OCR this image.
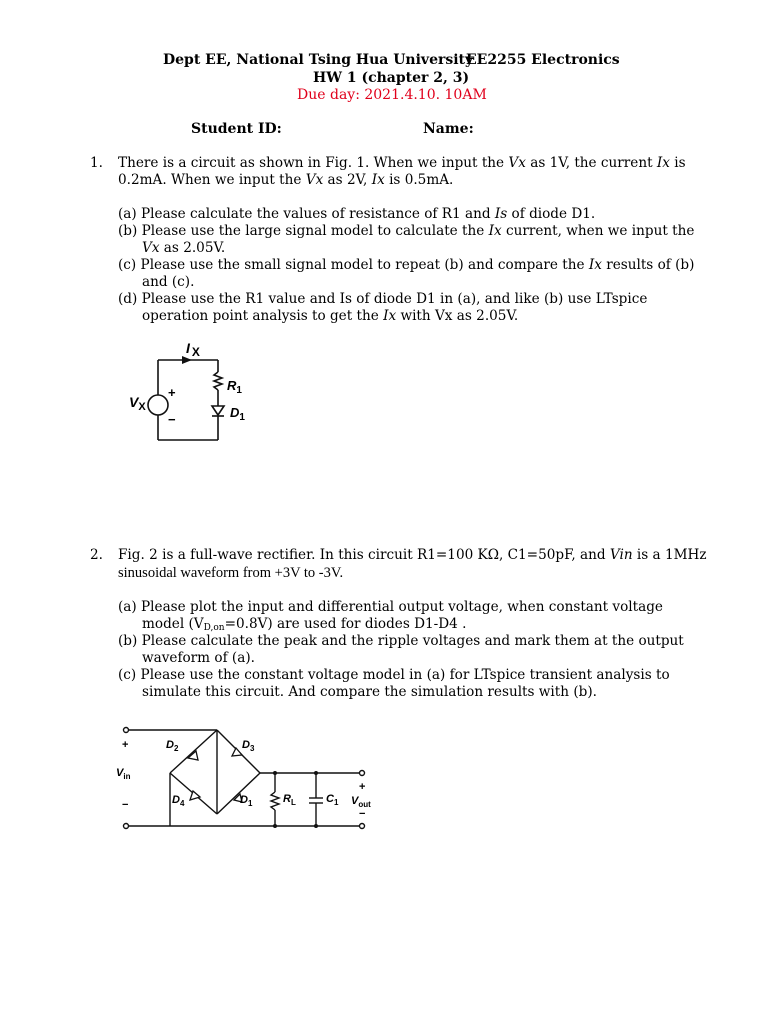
Dept EE, National Tsing Hua University
EE2255 Electronics
HW 1 (chapter 2, 3)
Due day: 2021.4.10. 10AM
Student ID:	Name:
1. There is a circuit as shown in Fig. 1. When we input the Vx as 1V, the current Ix is
0.2mA. When we input the Vx as 2V, Ix is 0.5mA.
(a) Please calculate the values of resistance of R1 and Is of diode D1.
(b) Please use the large signal model to calculate the Ix current, when we input the
Vx as 2.05V.
(c) Please use the small signal model to repeat (b) and compare the Ix results of (b)
and (c).
(d) Please use the R1 value and Is of diode D1 in (a), and like (b) use LTspice
operation point analysis to get the Ix with Vx as 2.05V.
I X
$V_X$
+
−
$R_1$
$D_1$
2. Fig. 2 is a full-wave rectifier. In this circuit R1=100 KΩ, C1=50pF, and Vin is a 1MHz
sinusoidal waveform from +3V to -3V.
(a) Please plot the input and differential output voltage, when constant voltage
model $(V_{D,on}=0.8V)$ are used for diodes D1-D4 .
(b) Please calculate the peak and the ripple voltages and mark them at the output
waveform of (a).
(c) Please use the constant voltage model in (a) for LTspice transient analysis to
simulate this circuit. And compare the simulation results with (b).
+
$V_{in}$
−
$D_2$	$D_3$
$D_4$	$D_1$	$R_L$	$C_1$
+
$V_{out}$
−
